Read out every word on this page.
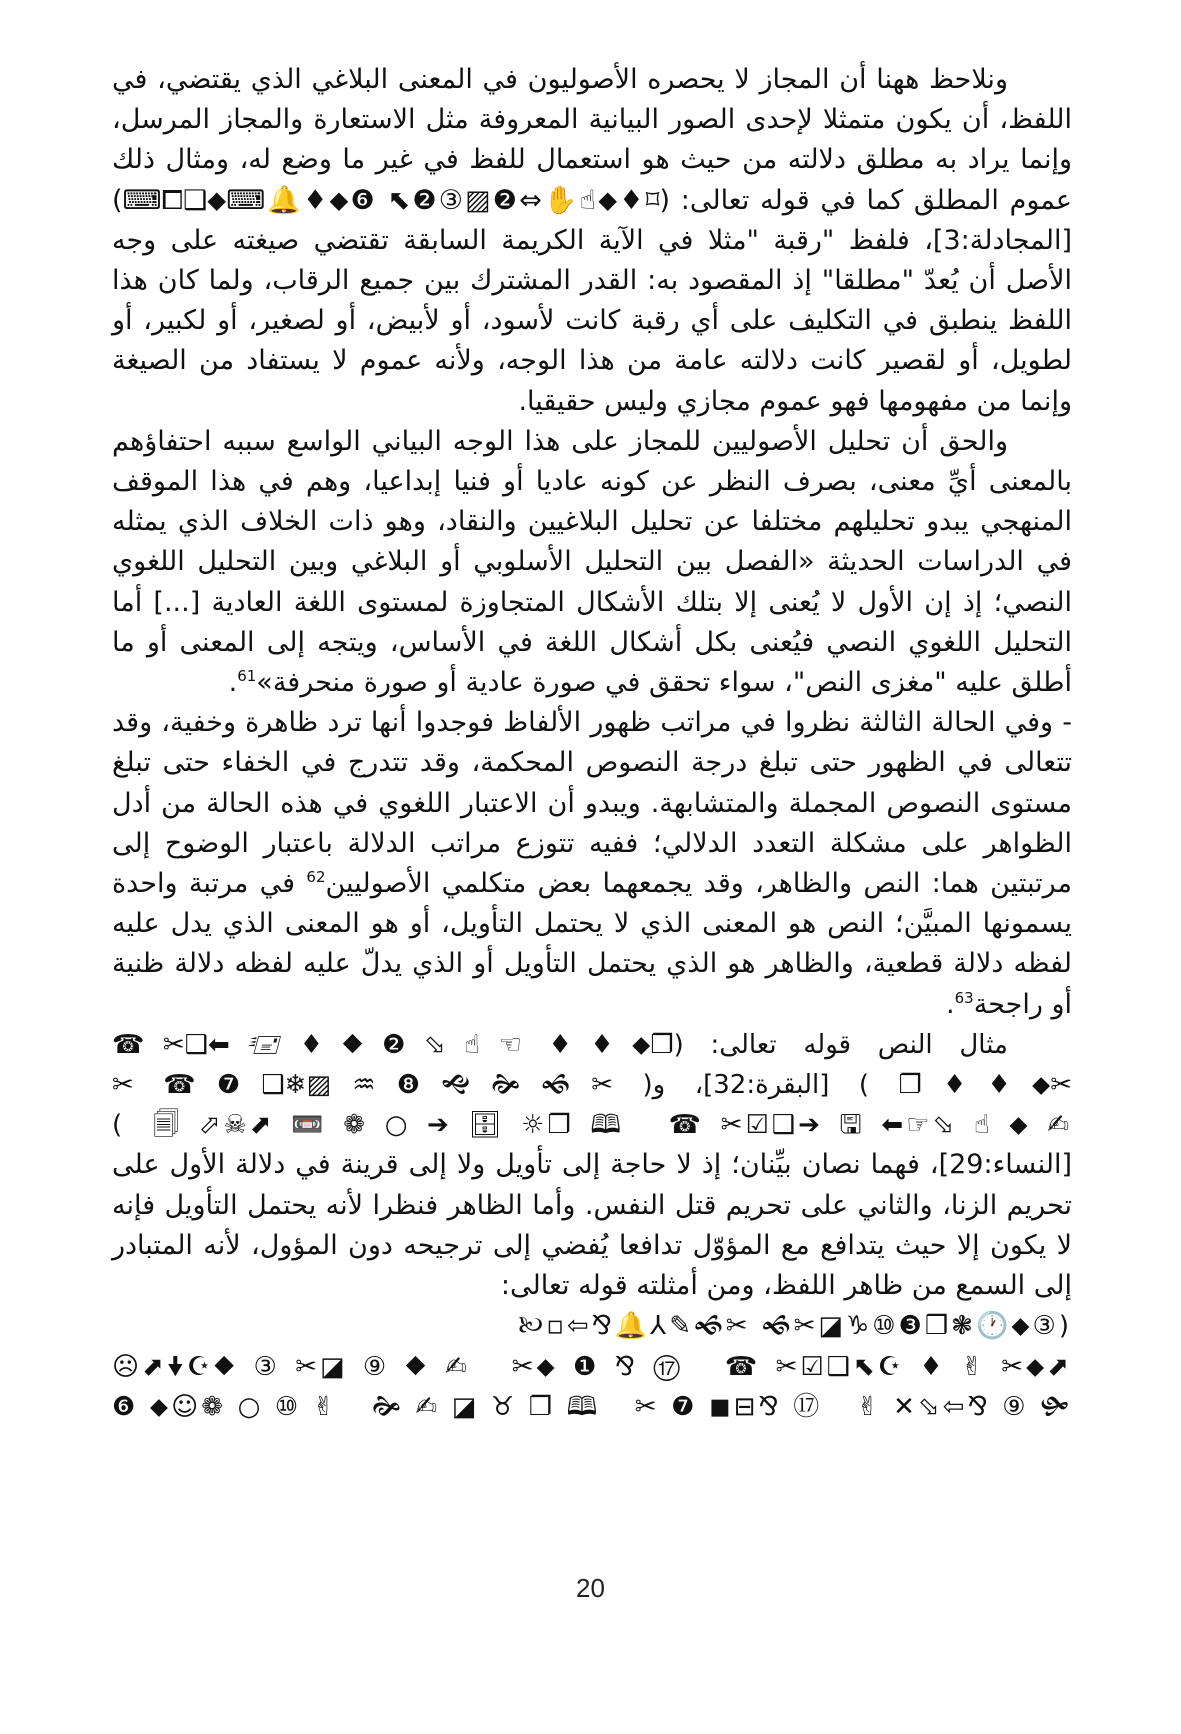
ونلاحظ ههنا أن المجاز لا يحصره الأصوليون في المعنى البلاغي الذي يقتضي، في اللفظ، أن يكون متمثلا لإحدى الصور البيانية المعروفة مثل الاستعارة والمجاز المرسل، وإنما يراد به مطلق دلالته من حيث هو استعمال للفظ في غير ما وضع له، ومثال ذلك عموم المطلق كما في قوله تعالى: (⌑♦⬥☝✋⇔❷▨③❷⬉ ❻⬥♦🔔⌨⬥❑⧠⌨) [المجادلة:3]، فلفظ "رقبة "مثلا في الآية الكريمة السابقة تقتضي صيغته على وجه الأصل أن يُعدّ "مطلقا" إذ المقصود به: القدر المشترك بين جميع الرقاب، ولما كان هذا اللفظ ينطبق في التكليف على أي رقبة كانت لأسود، أو لأبيض، أو لصغير، أو لكبير، أو لطويل، أو لقصير كانت دلالته عامة من هذا الوجه، ولأنه عموم لا يستفاد من الصيغة وإنما من مفهومها فهو عموم مجازي وليس حقيقيا.

والحق أن تحليل الأصوليين للمجاز على هذا الوجه البياني الواسع سببه احتفاؤهم بالمعنى أيِّ معنى، بصرف النظر عن كونه عاديا أو فنيا إبداعيا، وهم في هذا الموقف المنهجي يبدو تحليلهم مختلفا عن تحليل البلاغيين والنقاد، وهو ذات الخلاف الذي يمثله في الدراسات الحديثة «الفصل بين التحليل الأسلوبي أو البلاغي وبين التحليل اللغوي النصي؛ إذ إن الأول لا يُعنى إلا بتلك الأشكال المتجاوزة لمستوى اللغة العادية [...] أما التحليل اللغوي النصي فيُعنى بكل أشكال اللغة في الأساس، ويتجه إلى المعنى أو ما أطلق عليه "مغزى النص"، سواء تحقق في صورة عادية أو صورة منحرفة»$^{61}$.

- وفي الحالة الثالثة نظروا في مراتب ظهور الألفاظ فوجدوا أنها ترد ظاهرة وخفية، وقد تتعالى في الظهور حتى تبلغ درجة النصوص المحكمة، وقد تتدرج في الخفاء حتى تبلغ مستوى النصوص المجملة والمتشابهة. ويبدو أن الاعتبار اللغوي في هذه الحالة من أدل الظواهر على مشكلة التعدد الدلالي؛ ففيه تتوزع مراتب الدلالة باعتبار الوضوح إلى مرتبتين هما: النص والظاهر، وقد يجمعهما بعض متكلمي الأصوليين$^{62}$ في مرتبة واحدة يسمونها المبيَّن؛ النص هو المعنى الذي لا يحتمل التأويل، أو هو المعنى الذي يدل عليه لفظه دلالة قطعية، والظاهر هو الذي يحتمل التأويل أو الذي يدلّ عليه لفظه دلالة ظنية أو راجحة$^{63}$.

مثال النص قوله تعالى: (❐⬥♦♦ ☜☝⬂❷⬥♦🖅⬅❑✂☎
✂⬥♦♦❐ ) [البقرة:32]، و( ✂🙜🙞🙝❽♒▨❄❑❼☎ ✂
✍⬥☝⬂☞⬅🖫➔❑☑✂☎ 🕮❐☼🗄➔○❁📼⬈☠⬀🗐 )

[النساء:29]، فهما نصان بيِّنان؛ إذ لا حاجة إلى تأويل ولا إلى قرينة في دلالة الأول على تحريم الزنا، والثاني على تحريم قتل النفس. وأما الظاهر فنظرا لأنه يحتمل التأويل فإنه لا يكون إلا حيث يتدافع مع المؤوّل تدافعا يُفضي إلى ترجيحه دون المؤول، لأنه المتبادر إلى السمع من ظاهر اللفظ، ومن أمثلته قوله تعالى:

(③⬥🕐❃❒❸⑩♑◪✂🙜 ✂🙜✎⅄🔔⅋⇦▫🙠
⬈⬥✂✌♦☪⬉❑☑✂☎ ⑰⅋❶⬥✂ ✍⬥⑨◪✂③⬥☪🠟⬈☹
🙟⑨⅋⇦⬂✕✌ ⑰⅋⊟◼❼✂ 🕮❐♉◪✍🙞 ✌⑩○❁☺⬥❻
20
